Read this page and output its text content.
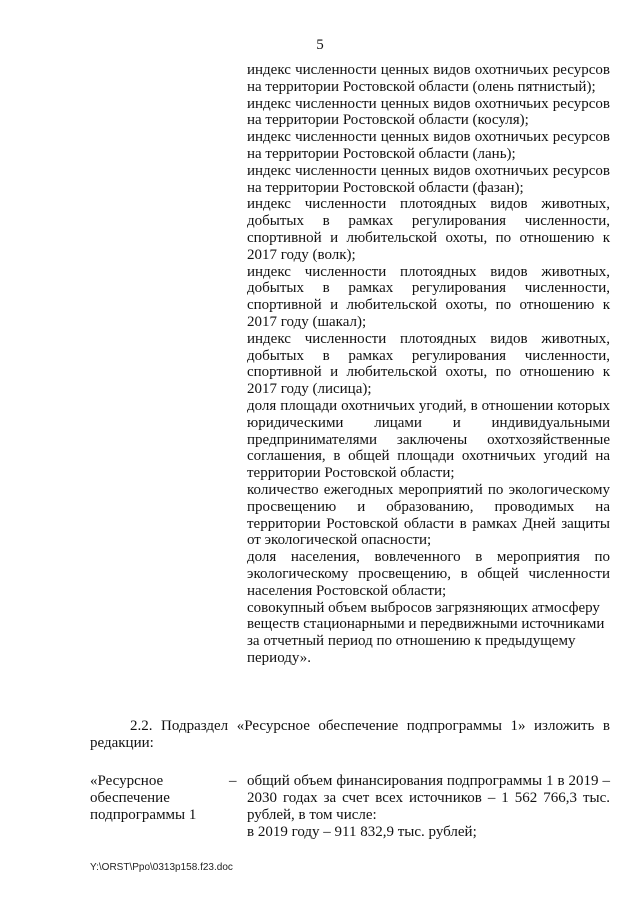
5

индекс численности ценных видов охотничьих ресурсов на территории Ростовской области (олень пятнистый);

индекс численности ценных видов охотничьих ресурсов на территории Ростовской области (косуля);

индекс численности ценных видов охотничьих ресурсов на территории Ростовской области (лань);

индекс численности ценных видов охотничьих ресурсов на территории Ростовской области (фазан);

индекс численности плотоядных видов животных, добытых в рамках регулирования численности, спортивной и любительской охоты, по отношению к 2017 году (волк);

индекс численности плотоядных видов животных, добытых в рамках регулирования численности, спортивной и любительской охоты, по отношению к 2017 году (шакал);

индекс численности плотоядных видов животных, добытых в рамках регулирования численности, спортивной и любительской охоты, по отношению к 2017 году (лисица);

доля площади охотничьих угодий, в отношении которых юридическими лицами и индивидуальными предпринимателями заключены охотхозяйственные соглашения, в общей площади охотничьих угодий на территории Ростовской области;

количество ежегодных мероприятий по экологическому просвещению и образованию, проводимых на территории Ростовской области в рамках Дней защиты от экологической опасности;

доля населения, вовлеченного в мероприятия по экологическому просвещению, в общей численности населения Ростовской области;

совокупный объем выбросов загрязняющих атмосферу веществ стационарными и передвижными источниками за отчетный период по отношению к предыдущему периоду».

2.2. Подраздел «Ресурсное обеспечение подпрограммы 1» изложить в редакции:

«Ресурсное

обеспечение

подпрограммы 1

– общий объем финансирования подпрограммы 1 в 2019 – 2030 годах за счет всех источников – 1 562 766,3 тыс. рублей, в том числе:

в 2019 году – 911 832,9 тыс. рублей;

Y:\ORST\Ppo\0313p158.f23.doc
